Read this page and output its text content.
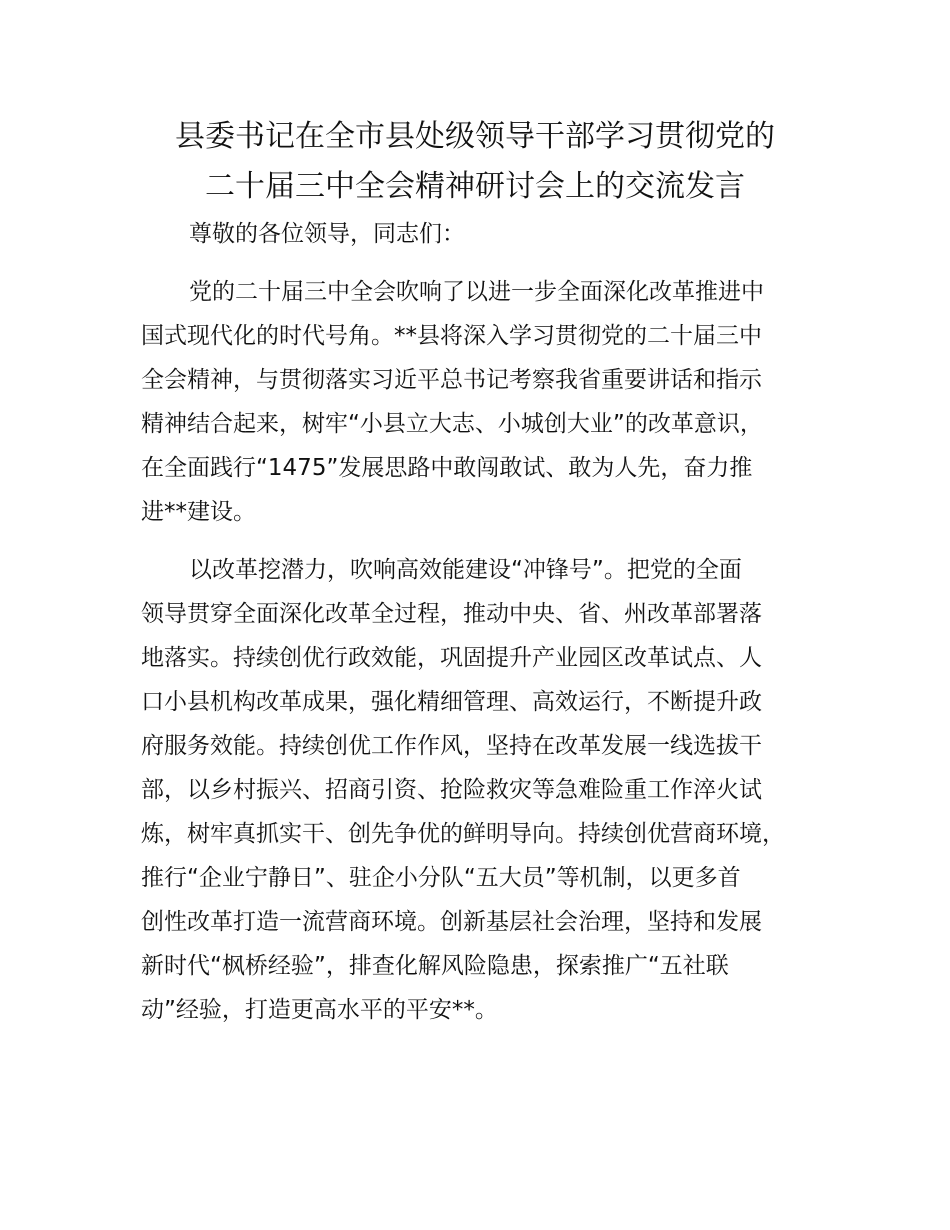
县委书记在全市县处级领导干部学习贯彻党的
二十届三中全会精神研讨会上的交流发言

尊敬的各位领导，同志们：

党的二十届三中全会吹响了以进一步全面深化改革推进中
国式现代化的时代号角。**县将深入学习贯彻党的二十届三中
全会精神，与贯彻落实习近平总书记考察我省重要讲话和指示
精神结合起来，树牢“小县立大志、小城创大业”的改革意识，
在全面践行“1475”发展思路中敢闯敢试、敢为人先，奋力推
进**建设。

以改革挖潜力，吹响高效能建设“冲锋号”。把党的全面
领导贯穿全面深化改革全过程，推动中央、省、州改革部署落
地落实。持续创优行政效能，巩固提升产业园区改革试点、人
口小县机构改革成果，强化精细管理、高效运行，不断提升政
府服务效能。持续创优工作作风，坚持在改革发展一线选拔干
部，以乡村振兴、招商引资、抢险救灾等急难险重工作淬火试
炼，树牢真抓实干、创先争优的鲜明导向。持续创优营商环境，
推行“企业宁静日”、驻企小分队“五大员”等机制，以更多首
创性改革打造一流营商环境。创新基层社会治理，坚持和发展
新时代“枫桥经验”，排查化解风险隐患，探索推广“五社联
动”经验，打造更高水平的平安**。
